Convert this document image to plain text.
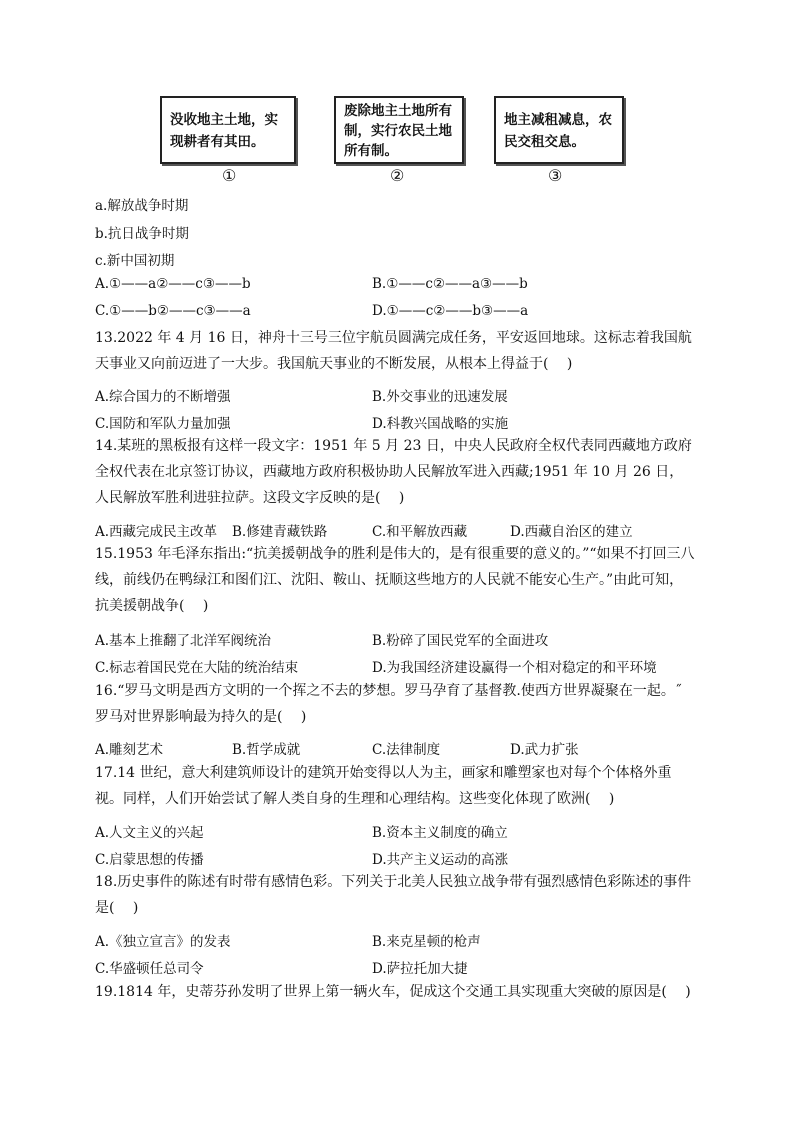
没收地主土地，实现耕者有其田。
废除地主土地所有制，实行农民土地所有制。
地主减租减息，农民交租交息。
①	②	③
a.解放战争时期
b.抗日战争时期
c.新中国初期
A.①——a②——c③——b	B.①——c②——a③——b
C.①——b②——c③——a	D.①——c②——b③——a
13.2022 年 4 月 16 日，神舟十三号三位宇航员圆满完成任务，平安返回地球。这标志着我国航天事业又向前迈进了一大步。我国航天事业的不断发展，从根本上得益于(　 )
A.综合国力的不断增强	B.外交事业的迅速发展
C.国防和军队力量加强	D.科教兴国战略的实施
14.某班的黑板报有这样一段文字：1951 年 5 月 23 日，中央人民政府全权代表同西藏地方政府全权代表在北京签订协议，西藏地方政府积极协助人民解放军进入西藏;1951 年 10 月 26 日，人民解放军胜利进驻拉萨。这段文字反映的是(　 )
A.西藏完成民主改革 B.修建青藏铁路	C.和平解放西藏	D.西藏自治区的建立
15.1953 年毛泽东指出:“抗美援朝战争的胜利是伟大的，是有很重要的意义的。”“如果不打回三八线，前线仍在鸭绿江和图们江、沈阳、鞍山、抚顺这些地方的人民就不能安心生产。”由此可知，抗美援朝战争(　 )
A.基本上推翻了北洋军阀统治	B.粉碎了国民党军的全面进攻
C.标志着国民党在大陆的统治结束	D.为我国经济建设赢得一个相对稳定的和平环境
16.“罗马文明是西方文明的一个挥之不去的梦想。罗马孕育了基督教.使西方世界凝聚在一起。˝罗马对世界影响最为持久的是(　 )
A.雕刻艺术	B.哲学成就	C.法律制度	D.武力扩张
17.14 世纪，意大利建筑师设计的建筑开始变得以人为主，画家和雕塑家也对每个个体格外重视。同样，人们开始尝试了解人类自身的生理和心理结构。这些变化体现了欧洲(　 )
A.人文主义的兴起	B.资本主义制度的确立
C.启蒙思想的传播	D.共产主义运动的高涨
18.历史事件的陈述有时带有感情色彩。下列关于北美人民独立战争带有强烈感情色彩陈述的事件是(　 )
A.《独立宣言》的发表	B.来克星顿的枪声
C.华盛顿任总司令	D.萨拉托加大捷
19.1814 年，史蒂芬孙发明了世界上第一辆火车，促成这个交通工具实现重大突破的原因是(　 )
